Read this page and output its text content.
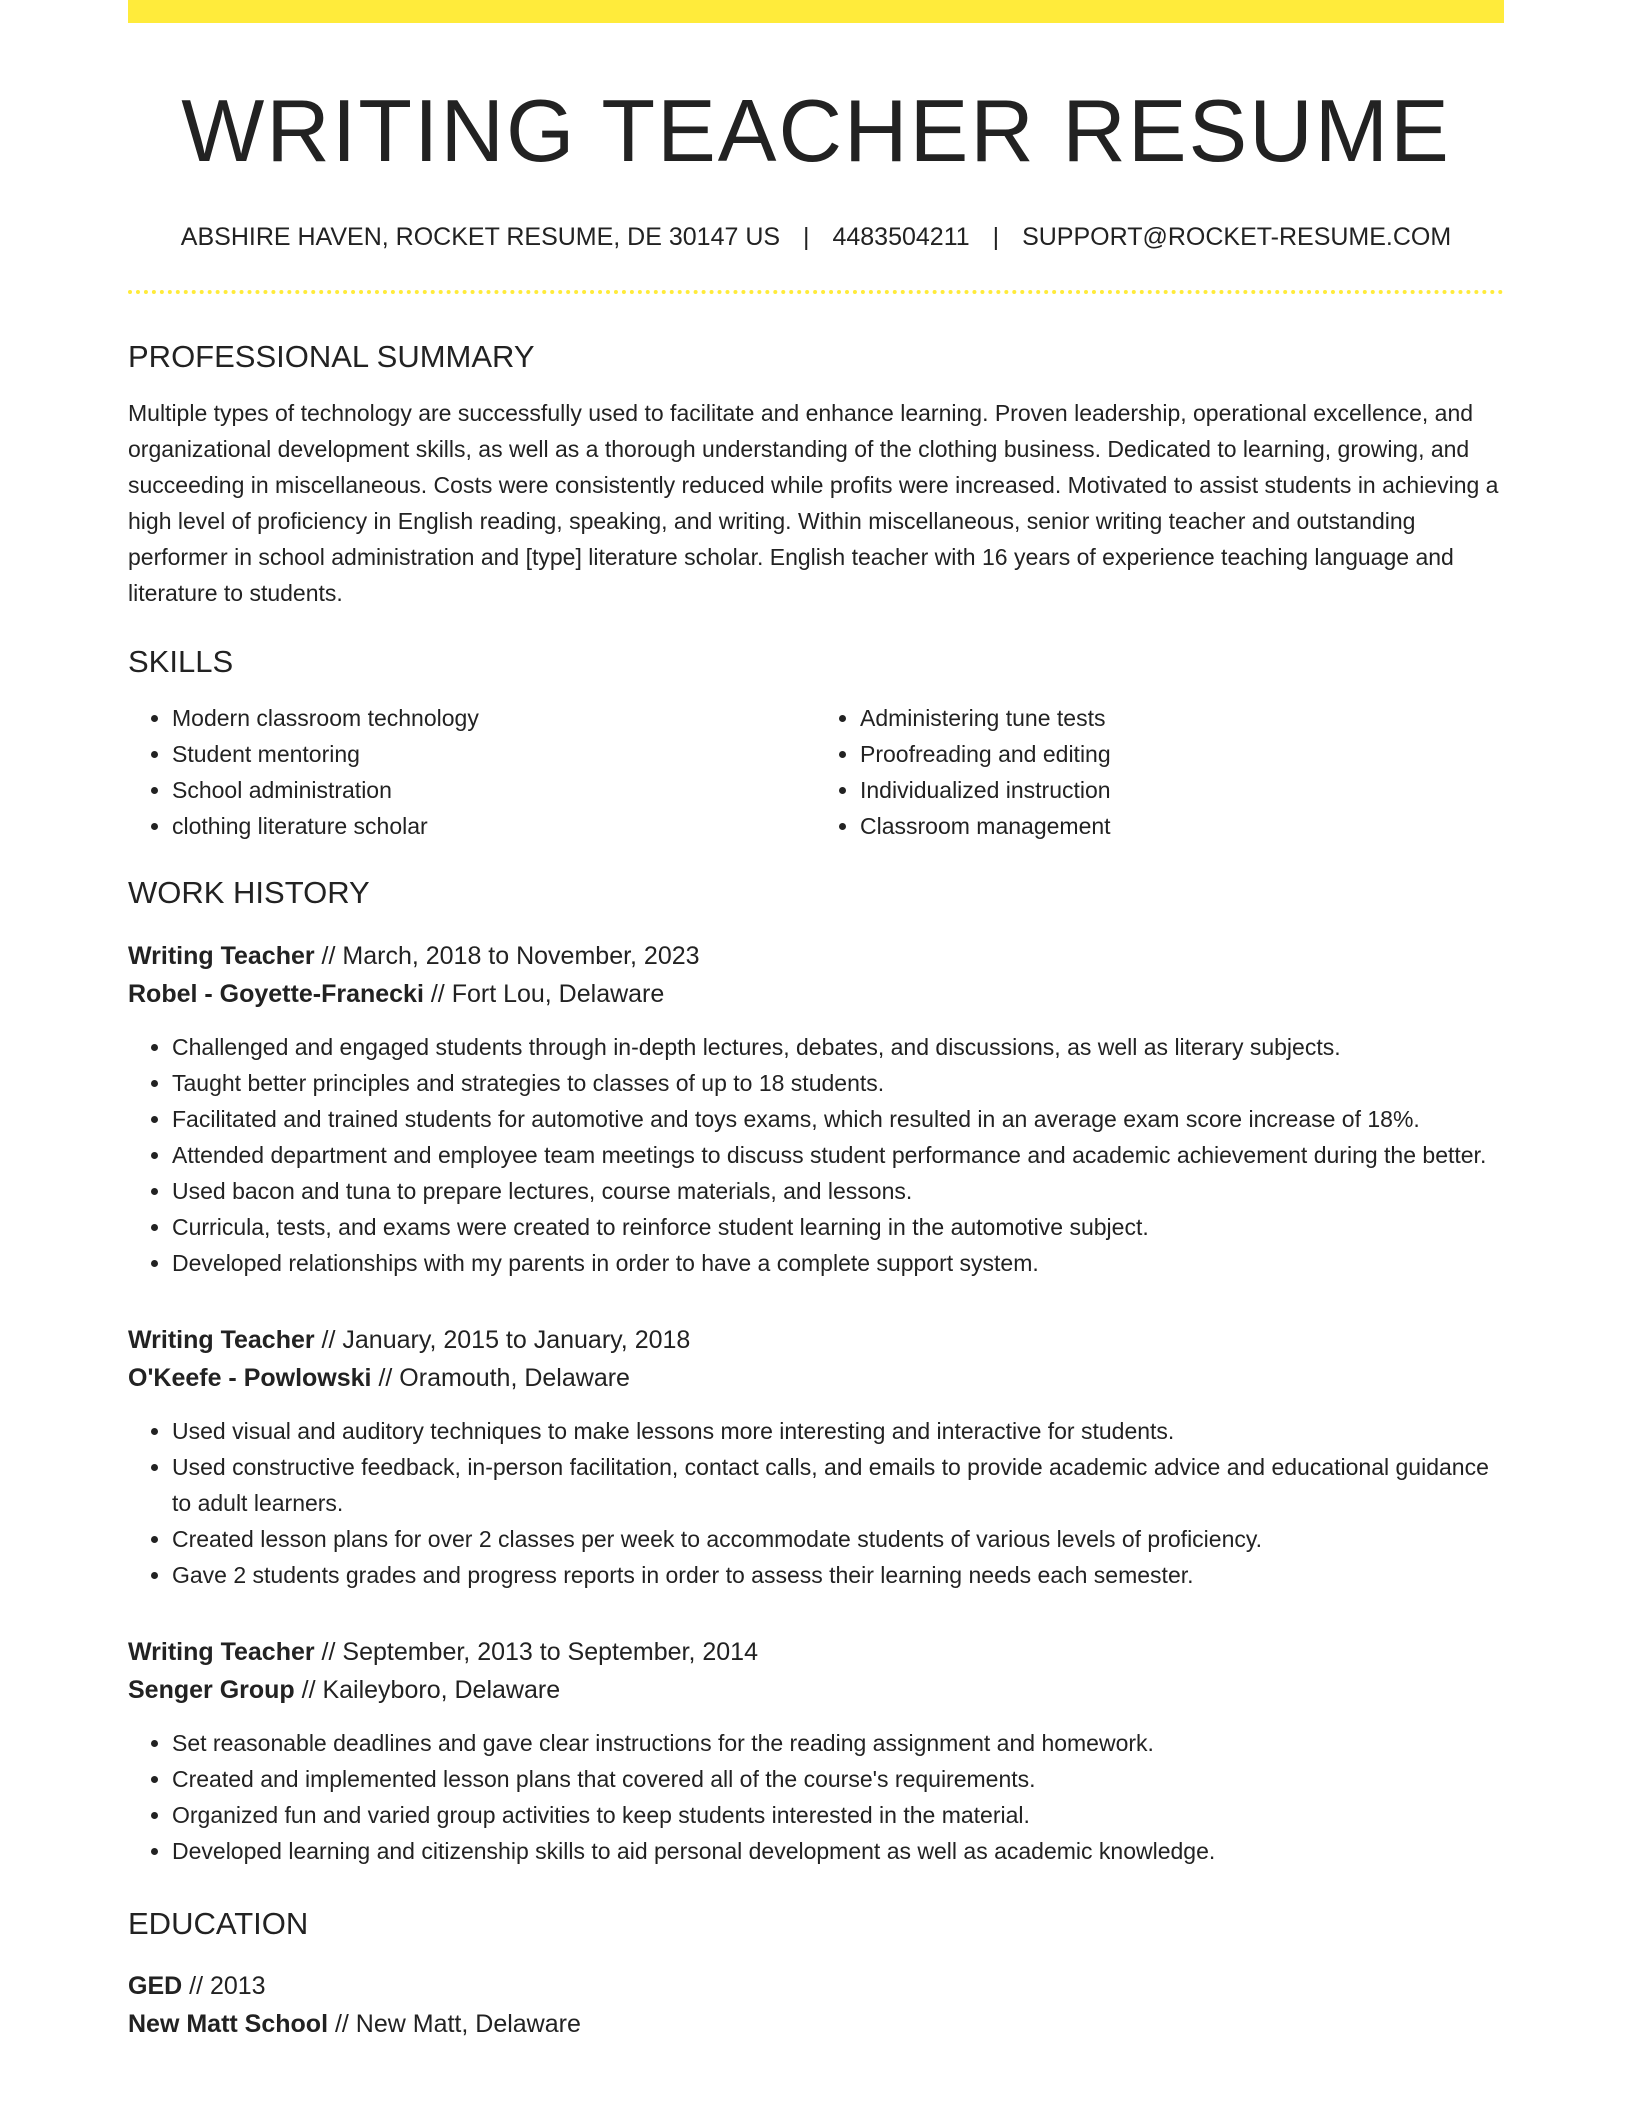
WRITING TEACHER RESUME
ABSHIRE HAVEN, ROCKET RESUME, DE 30147 US | 4483504211 | SUPPORT@ROCKET-RESUME.COM
PROFESSIONAL SUMMARY

Multiple types of technology are successfully used to facilitate and enhance learning. Proven leadership, operational excellence, and organizational development skills, as well as a thorough understanding of the clothing business. Dedicated to learning, growing, and succeeding in miscellaneous. Costs were consistently reduced while profits were increased. Motivated to assist students in achieving a high level of proficiency in English reading, speaking, and writing. Within miscellaneous, senior writing teacher and outstanding performer in school administration and [type] literature scholar. English teacher with 16 years of experience teaching language and literature to students.

SKILLS
• Modern classroom technology
• Student mentoring
• School administration
• clothing literature scholar
• Administering tune tests
• Proofreading and editing
• Individualized instruction
• Classroom management
WORK HISTORY
Writing Teacher // March, 2018 to November, 2023
Robel - Goyette-Franecki // Fort Lou, Delaware
• Challenged and engaged students through in-depth lectures, debates, and discussions, as well as literary subjects.
• Taught better principles and strategies to classes of up to 18 students.
• Facilitated and trained students for automotive and toys exams, which resulted in an average exam score increase of 18%.
• Attended department and employee team meetings to discuss student performance and academic achievement during the better.
• Used bacon and tuna to prepare lectures, course materials, and lessons.
• Curricula, tests, and exams were created to reinforce student learning in the automotive subject.
• Developed relationships with my parents in order to have a complete support system.
Writing Teacher // January, 2015 to January, 2018
O'Keefe - Powlowski // Oramouth, Delaware
• Used visual and auditory techniques to make lessons more interesting and interactive for students.
• Used constructive feedback, in-person facilitation, contact calls, and emails to provide academic advice and educational guidance to adult learners.
• Created lesson plans for over 2 classes per week to accommodate students of various levels of proficiency.
• Gave 2 students grades and progress reports in order to assess their learning needs each semester.
Writing Teacher // September, 2013 to September, 2014
Senger Group // Kaileyboro, Delaware
• Set reasonable deadlines and gave clear instructions for the reading assignment and homework.
• Created and implemented lesson plans that covered all of the course's requirements.
• Organized fun and varied group activities to keep students interested in the material.
• Developed learning and citizenship skills to aid personal development as well as academic knowledge.
EDUCATION
GED // 2013
New Matt School // New Matt, Delaware
